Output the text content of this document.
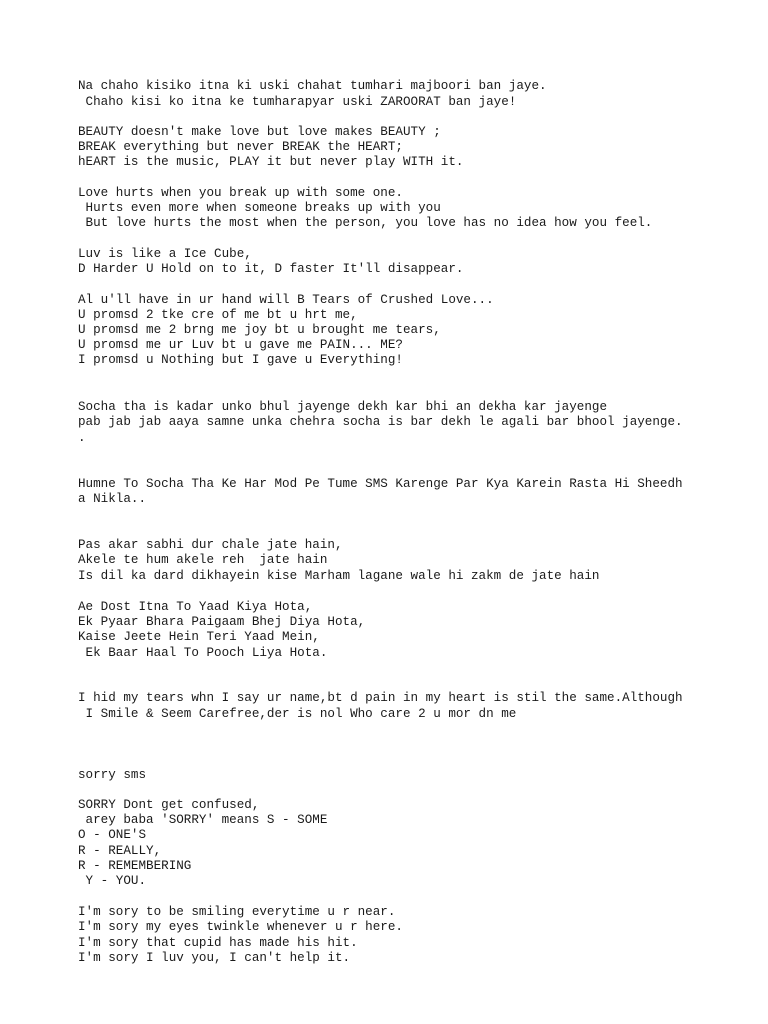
Na chaho kisiko itna ki uski chahat tumhari majboori ban jaye.

Chaho kisi ko itna ke tumharapyar uski ZAROORAT ban jaye!

BEAUTY doesn't make love but love makes BEAUTY ;

BREAK everything but never BREAK the HEART;

hEART is the music, PLAY it but never play WITH it.

Love hurts when you break up with some one.

Hurts even more when someone breaks up with you

But love hurts the most when the person, you love has no idea how you feel.

Luv is like a Ice Cube,

D Harder U Hold on to it, D faster It'll disappear.

Al u'll have in ur hand will B Tears of Crushed Love...

U promsd 2 tke cre of me bt u hrt me,

U promsd me 2 brng me joy bt u brought me tears,

U promsd me ur Luv bt u gave me PAIN... ME?

I promsd u Nothing but I gave u Everything!

Socha tha is kadar unko bhul jayenge dekh kar bhi an dekha kar jayenge

pab jab jab aaya samne unka chehra socha is bar dekh le agali bar bhool jayenge.

.

Humne To Socha Tha Ke Har Mod Pe Tume SMS Karenge Par Kya Karein Rasta Hi Sheedh

a Nikla..

Pas akar sabhi dur chale jate hain,

Akele te hum akele reh  jate hain

Is dil ka dard dikhayein kise Marham lagane wale hi zakm de jate hain

Ae Dost Itna To Yaad Kiya Hota,

Ek Pyaar Bhara Paigaam Bhej Diya Hota,

Kaise Jeete Hein Teri Yaad Mein,

Ek Baar Haal To Pooch Liya Hota.

I hid my tears whn I say ur name,bt d pain in my heart is stil the same.Although

I Smile & Seem Carefree,der is nol Who care 2 u mor dn me

sorry sms

SORRY Dont get confused,

arey baba 'SORRY' means S - SOME

O - ONE'S

R - REALLY,

R - REMEMBERING

Y - YOU.

I'm sory to be smiling everytime u r near.

I'm sory my eyes twinkle whenever u r here.

I'm sory that cupid has made his hit.

I'm sory I luv you, I can't help it.
